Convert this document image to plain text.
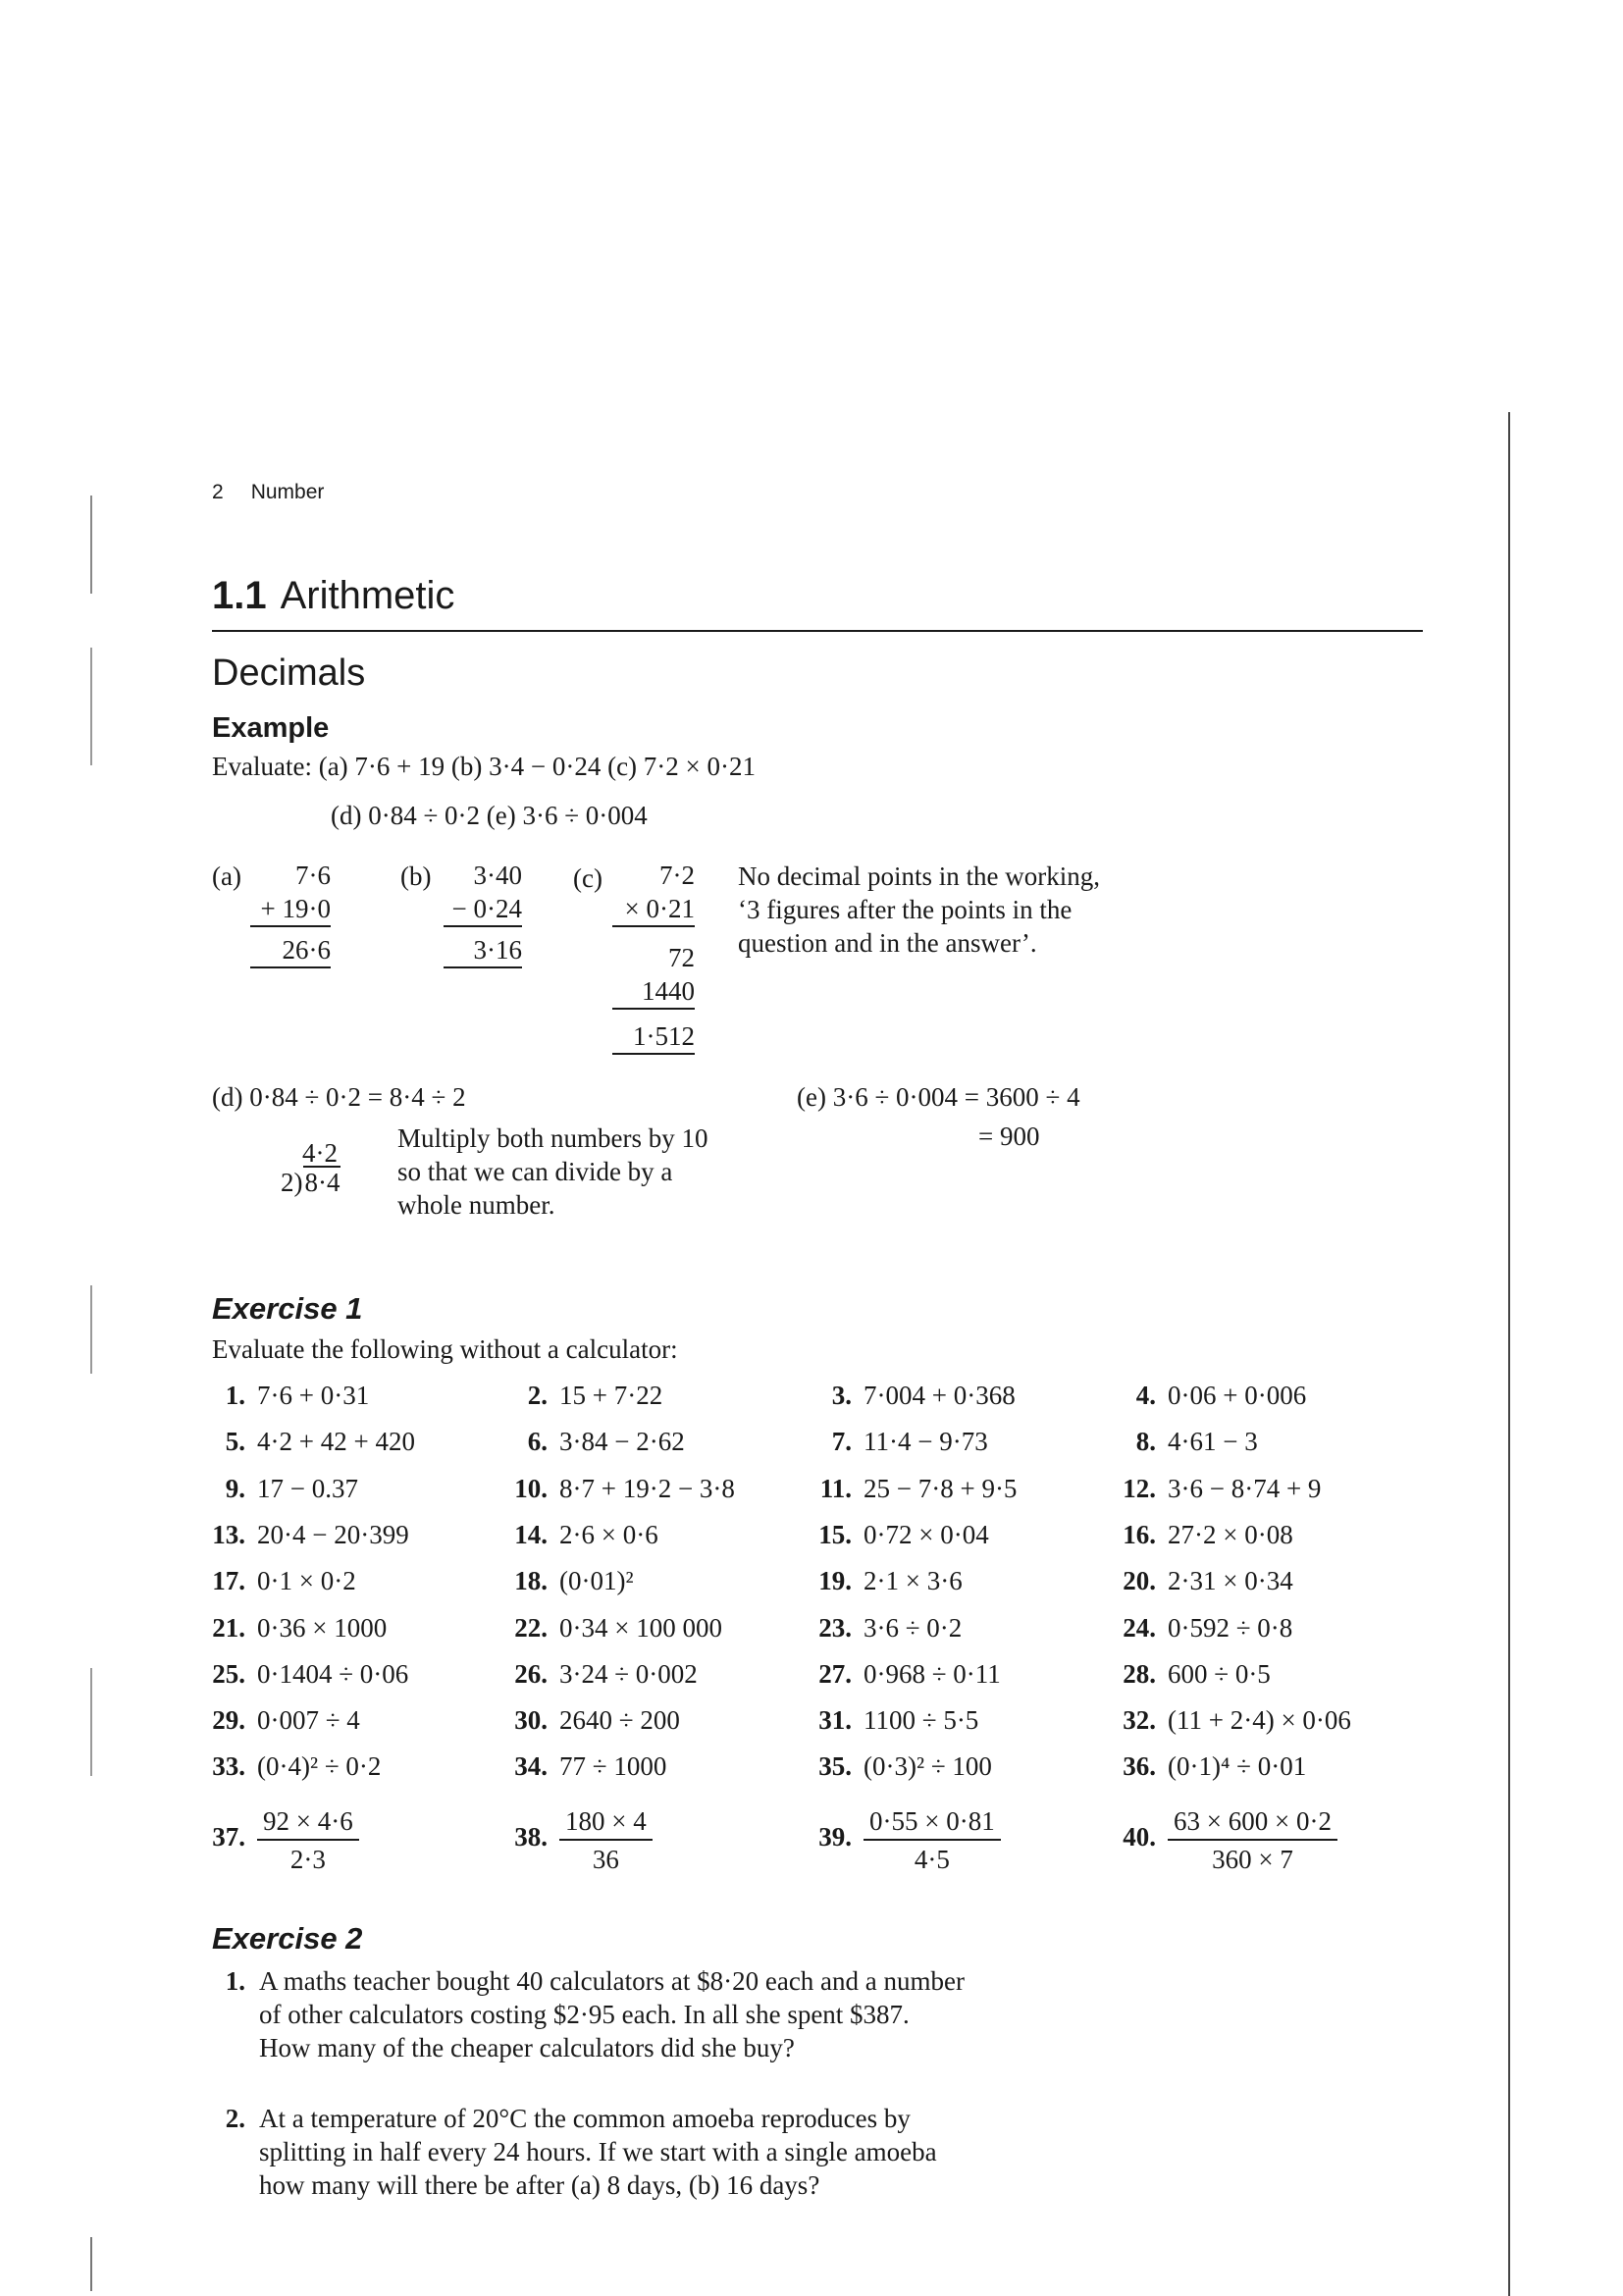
2 Number
1.1 Arithmetic
Decimals
Example
Evaluate: (a) 7·6 + 19 (b) 3·4 − 0·24 (c) 7·2 × 0·21
(d) 0·84 ÷ 0·2 (e) 3·6 ÷ 0·004
(a)	7·6
+ 19·0
26·6
(b)	3·40
− 0·24
3·16
(c)	7·2
× 0·21
72
1440
1·512
No decimal points in the working,
‘3 figures after the points in the
question and in the answer’.
(d) 0·84 ÷ 0·2 = 8·4 ÷ 2
4·2
2)8·4
Multiply both numbers by 10
so that we can divide by a
whole number.
(e) 3·6 ÷ 0·004 = 3600 ÷ 4
= 900
Exercise 1
Evaluate the following without a calculator:
1. 7·6 + 0·31	2. 15 + 7·22	3. 7·004 + 0·368	4. 0·06 + 0·006
5. 4·2 + 42 + 420	6. 3·84 − 2·62	7. 11·4 − 9·73	8. 4·61 − 3
9. 17 − 0.37	10. 8·7 + 19·2 − 3·8	11. 25 − 7·8 + 9·5	12. 3·6 − 8·74 + 9
13. 20·4 − 20·399	14. 2·6 × 0·6	15. 0·72 × 0·04	16. 27·2 × 0·08
17. 0·1 × 0·2	18. (0·01)²	19. 2·1 × 3·6	20. 2·31 × 0·34
21. 0·36 × 1000	22. 0·34 × 100 000	23. 3·6 ÷ 0·2	24. 0·592 ÷ 0·8
25. 0·1404 ÷ 0·06	26. 3·24 ÷ 0·002	27. 0·968 ÷ 0·11	28. 600 ÷ 0·5
29. 0·007 ÷ 4	30. 2640 ÷ 200	31. 1100 ÷ 5·5	32. (11 + 2·4) × 0·06
33. (0·4)² ÷ 0·2	34. 77 ÷ 1000	35. (0·3)² ÷ 100	36. (0·1)⁴ ÷ 0·01
37. $\frac{92 \times 4\cdot 6}{2\cdot 3}$	38. $\frac{180 \times 4}{36}$	39. $\frac{0\cdot 55 \times 0\cdot 81}{4\cdot 5}$	40. $\frac{63 \times 600 \times 0\cdot 2}{360 \times 7}$
Exercise 2
1. A maths teacher bought 40 calculators at $8·20 each and a number
of other calculators costing $2·95 each. In all she spent $387.
How many of the cheaper calculators did she buy?
2. At a temperature of 20°C the common amoeba reproduces by
splitting in half every 24 hours. If we start with a single amoeba
how many will there be after (a) 8 days, (b) 16 days?
